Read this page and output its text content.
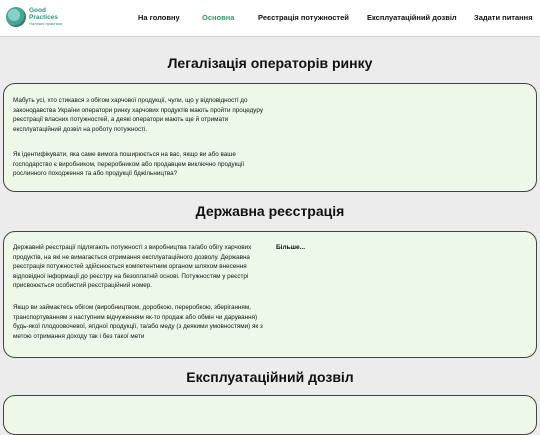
Good Practices
Належні практики
На головну	Основна	Реєстрація потужностей Експлуатаційний дозвіл Задати питання
Легалізація операторів ринку
Мабуть усі, хто стикався з обігом харчової продукції, чули, що у відповідності до законодавства України оператори ринку харчових продуктів мають пройти процедуру реєстрації власних потужностей, а деякі оператори мають ще й отримати експлуатаційний дозвіл на роботу потужності.
Як ідентифікувати, яка саме вимога поширюється на вас, якщо ви або ваше господарство є виробником, переробником або продавцем виключно продукції рослинного походження та або продукції бджільництва?
Державна реєстрація
Державній реєстрації підлягають потужності з виробництва та/або обігу харчових продуктів, на які не вимагається отримання експлуатаційного дозволу. Державна реєстрація потужностей здійснюється компетентним органом шляхом внесення відповідної інформації до реєстру на безоплатній основі. Потужностям у реєстрі присвоюється особистий реєстраційний номер.
Якщо ви займаєтесь обігом (виробництвом, доробкою, переробкою, зберіганням, транспортуванням з наступним відчуженням як-то продаж або обмін чи дарування) будь-якої плодоовочевої, ягідної продукції, та/або меду (з деякими умовностями) як з метою отримання доходу так і без такої мети
Більше...
Експлуатаційний дозвіл
